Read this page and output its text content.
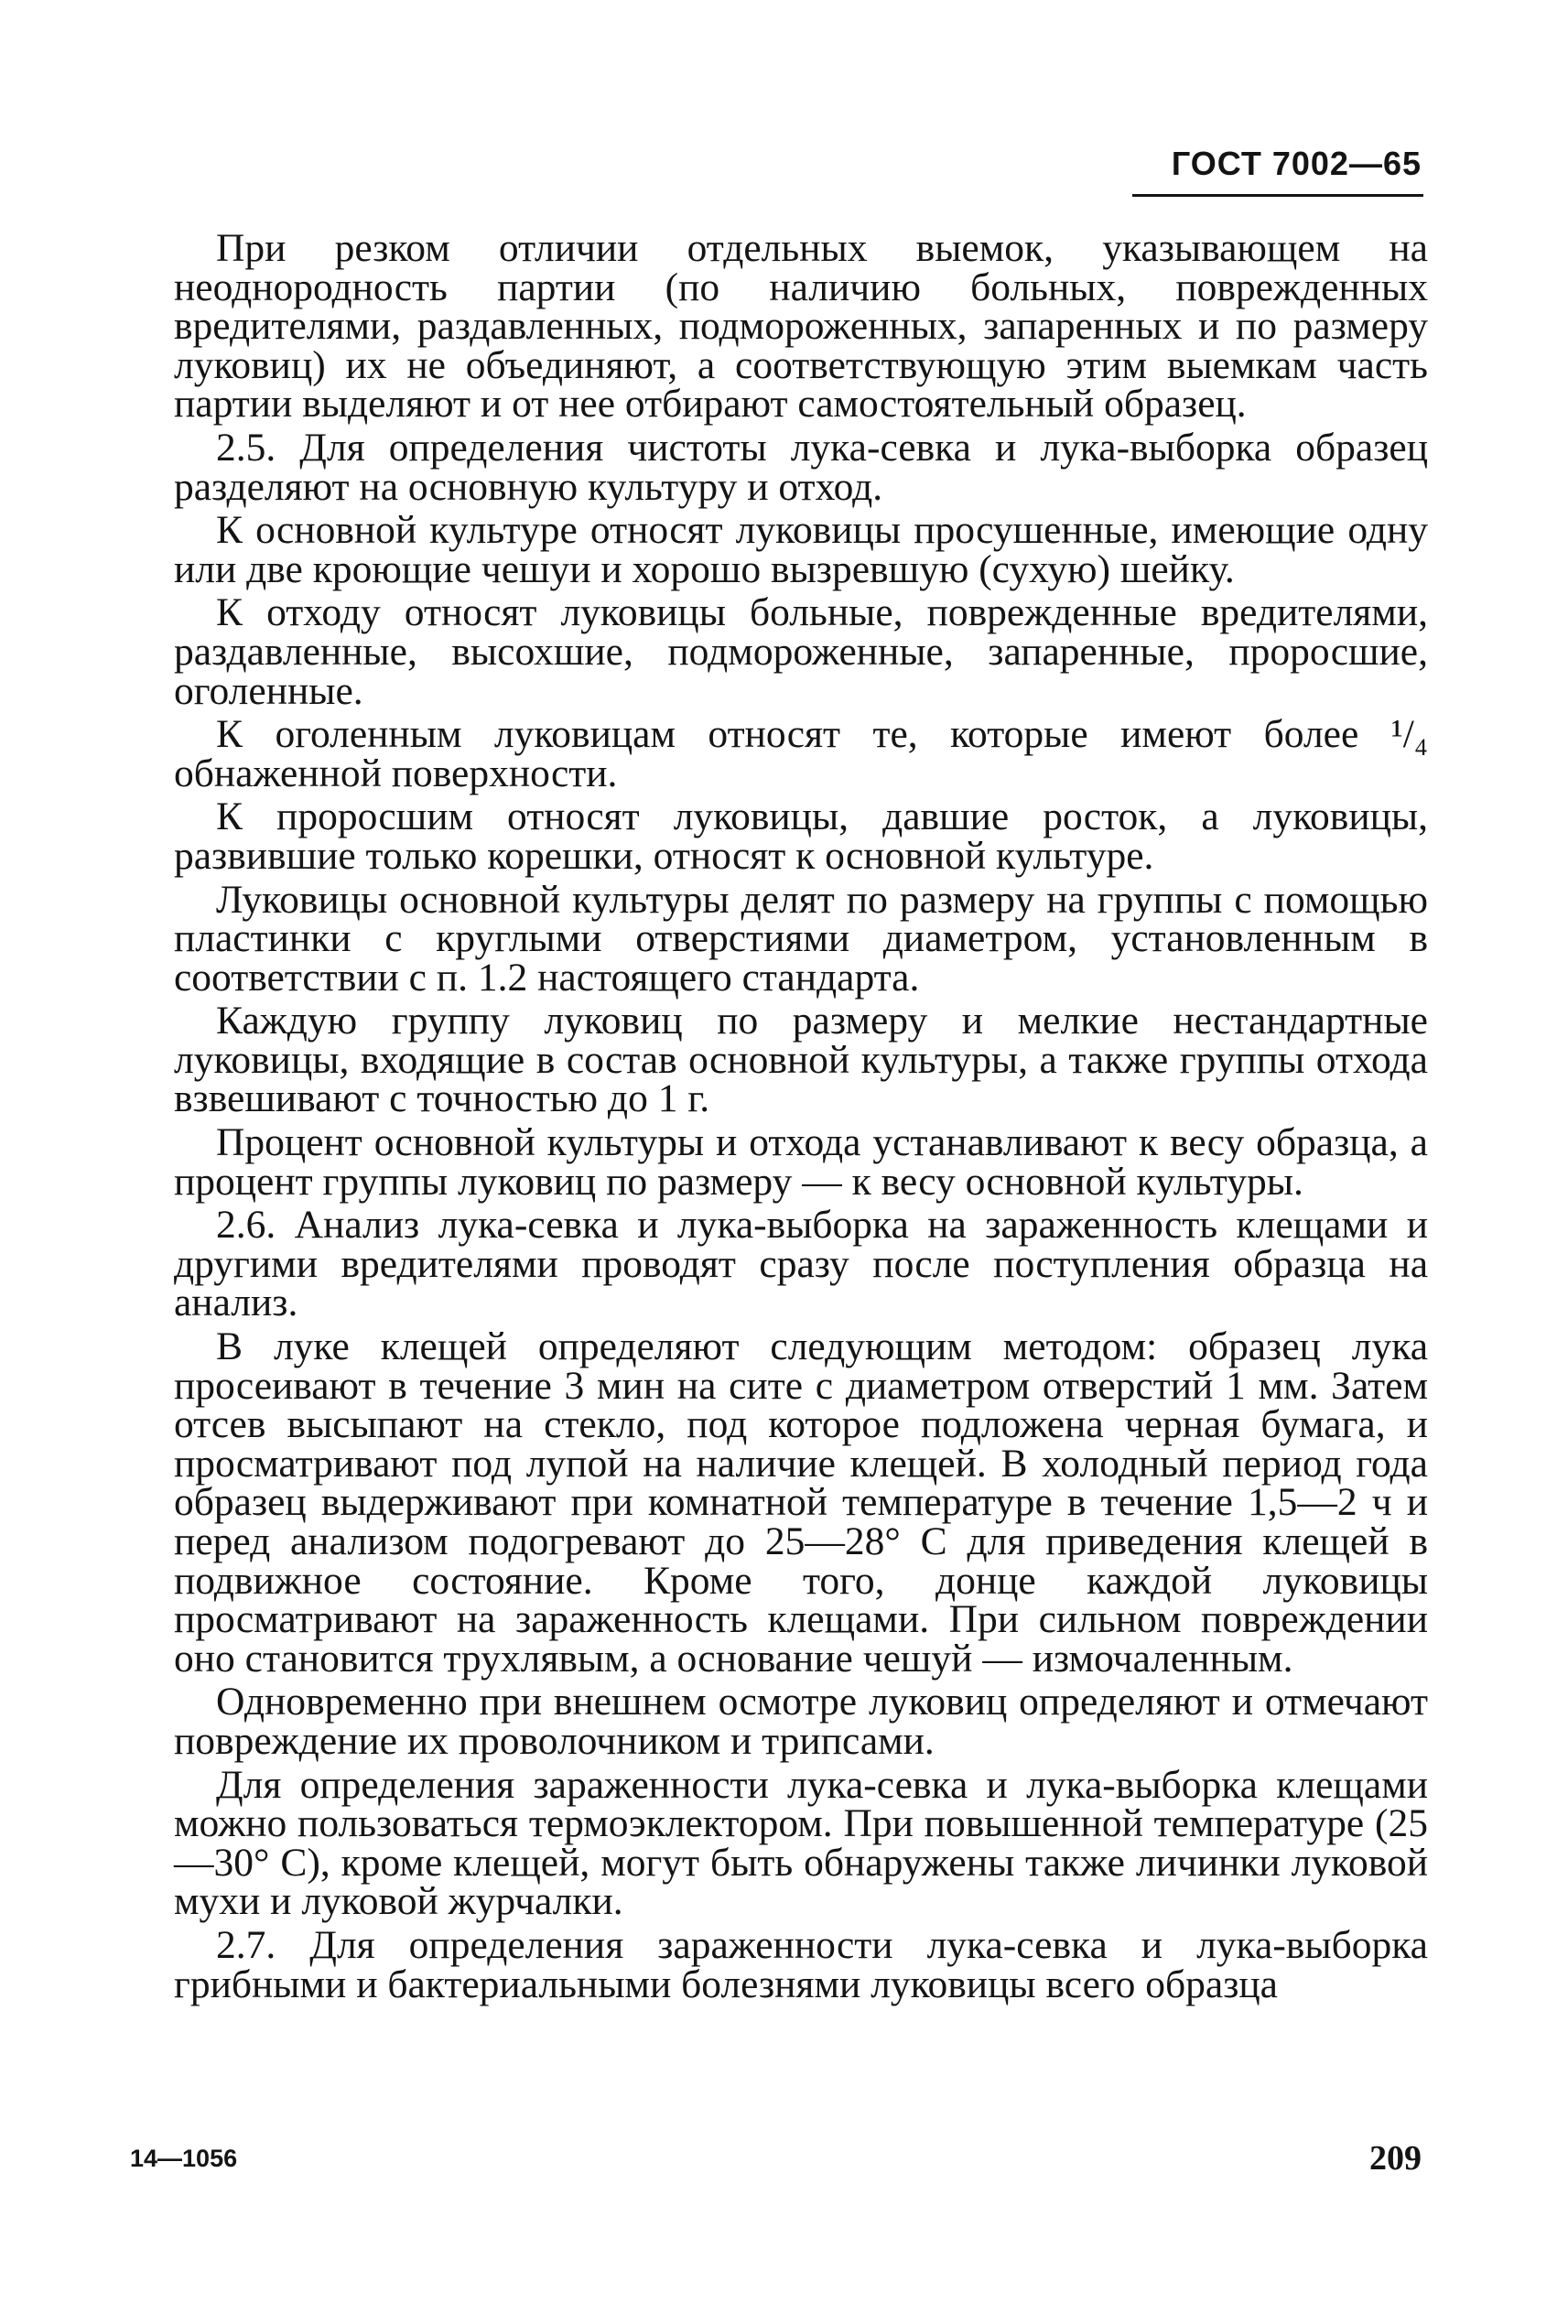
ГОСТ 7002—65

При резком отличии отдельных выемок, указывающем на неоднородность партии (по наличию больных, поврежденных вредителями, раздавленных, подмороженных, запаренных и по размеру луковиц) их не объединяют, а соответствующую этим выемкам часть партии выделяют и от нее отбирают самостоятельный образец.

2.5. Для определения чистоты лука-севка и лука-выборка образец разделяют на основную культуру и отход.

К основной культуре относят луковицы просушенные, имеющие одну или две кроющие чешуи и хорошо вызревшую (сухую) шейку.

К отходу относят луковицы больные, поврежденные вредителями, раздавленные, высохшие, подмороженные, запаренные, проросшие, оголенные.

К оголенным луковицам относят те, которые имеют более ¹/₄ обнаженной поверхности.

К проросшим относят луковицы, давшие росток, а луковицы, развившие только корешки, относят к основной культуре.

Луковицы основной культуры делят по размеру на группы с помощью пластинки с круглыми отверстиями диаметром, установленным в соответствии с п. 1.2 настоящего стандарта.

Каждую группу луковиц по размеру и мелкие нестандартные луковицы, входящие в состав основной культуры, а также группы отхода взвешивают с точностью до 1 г.

Процент основной культуры и отхода устанавливают к весу образца, а процент группы луковиц по размеру — к весу основной культуры.

2.6. Анализ лука-севка и лука-выборка на зараженность клещами и другими вредителями проводят сразу после поступления образца на анализ.

В луке клещей определяют следующим методом: образец лука просеивают в течение 3 мин на сите с диаметром отверстий 1 мм. Затем отсев высыпают на стекло, под которое подложена черная бумага, и просматривают под лупой на наличие клещей. В холодный период года образец выдерживают при комнатной температуре в течение 1,5—2 ч и перед анализом подогревают до 25—28° С для приведения клещей в подвижное состояние. Кроме того, донце каждой луковицы просматривают на зараженность клещами. При сильном повреждении оно становится трухлявым, а основание чешуй — измочаленным.

Одновременно при внешнем осмотре луковиц определяют и отмечают повреждение их проволочником и трипсами.

Для определения зараженности лука-севка и лука-выборка клещами можно пользоваться термоэклектором. При повышенной температуре (25—30° С), кроме клещей, могут быть обнаружены также личинки луковой мухи и луковой журчалки.

2.7. Для определения зараженности лука-севка и лука-выборка грибными и бактериальными болезнями луковицы всего образца

14—1056	209
